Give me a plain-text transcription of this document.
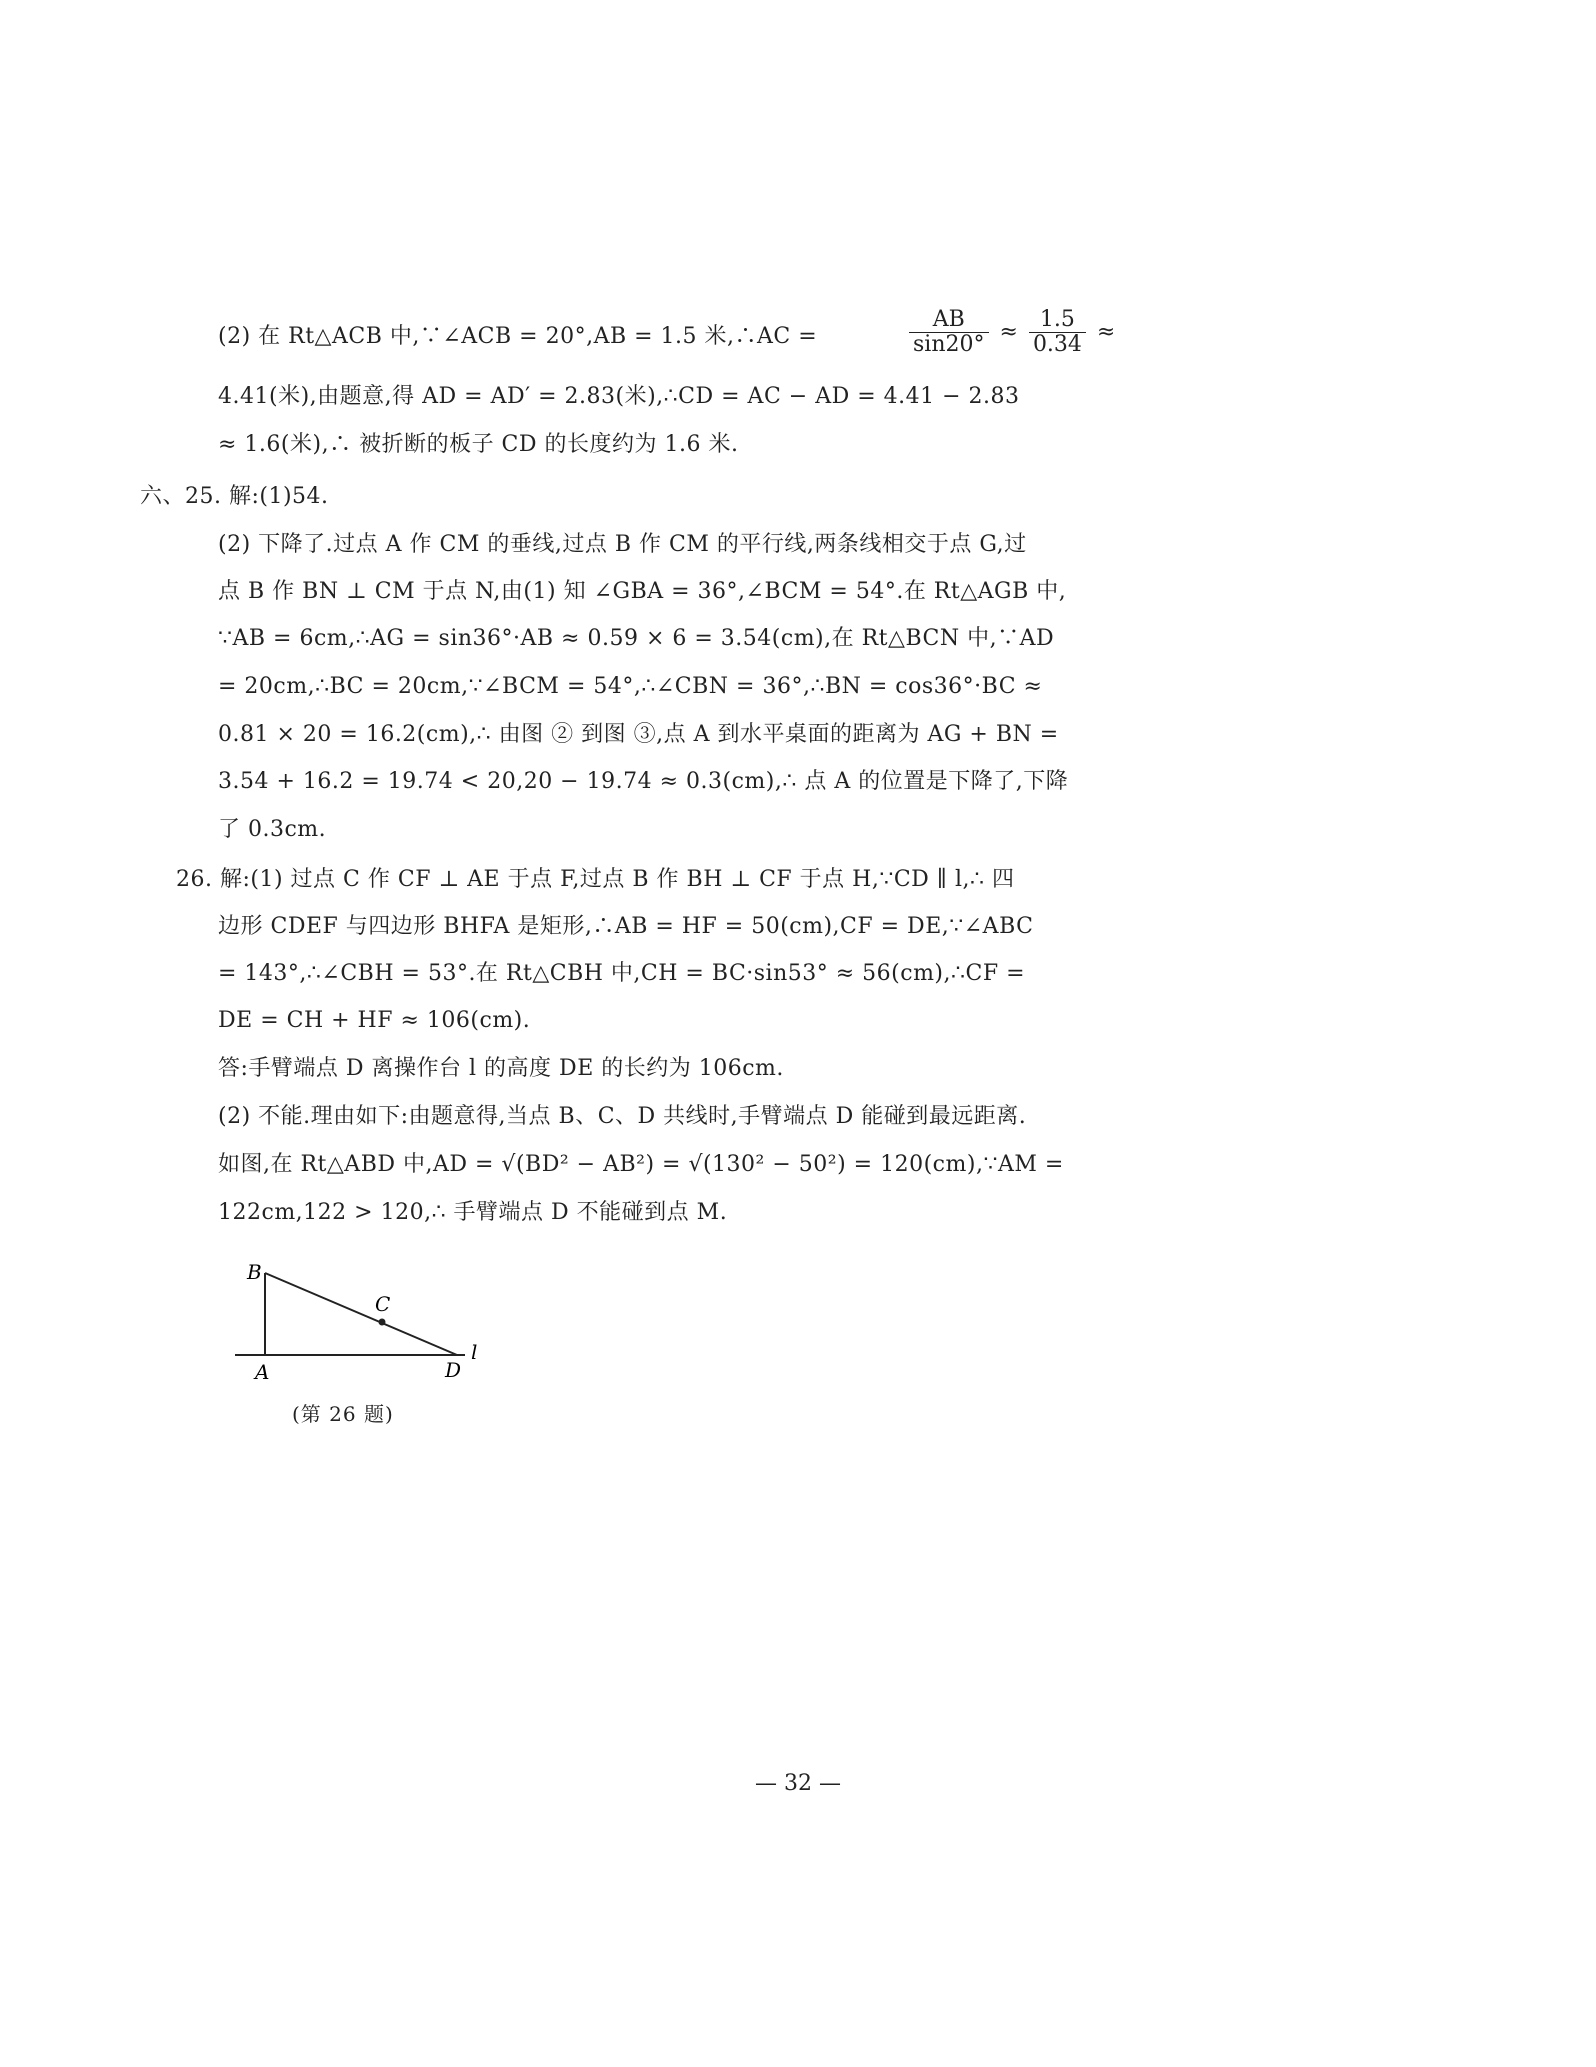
(2) 在 Rt△ACB 中,∵∠ACB = 20°,AB = 1.5 米,∴AC =	$\frac{AB}{\sin 20^\circ} \approx \frac{1.5}{0.34}$ ≈
4.41(米),由题意,得 AD = AD′ = 2.83(米),∴CD = AC − AD = 4.41 − 2.83
≈ 1.6(米),∴ 被折断的板子 CD 的长度约为 1.6 米.
六、25. 解:(1)54.
(2) 下降了.过点 A 作 CM 的垂线,过点 B 作 CM 的平行线,两条线相交于点 G,过
点 B 作 BN ⊥ CM 于点 N,由(1) 知 ∠GBA = 36°,∠BCM = 54°.在 Rt△AGB 中,
∵AB = 6cm,∴AG = sin36°·AB ≈ 0.59 × 6 = 3.54(cm),在 Rt△BCN 中,∵AD
= 20cm,∴BC = 20cm,∵∠BCM = 54°,∴∠CBN = 36°,∴BN = cos36°·BC ≈
0.81 × 20 = 16.2(cm),∴ 由图 ② 到图 ③,点 A 到水平桌面的距离为 AG + BN =
3.54 + 16.2 = 19.74 < 20,20 − 19.74 ≈ 0.3(cm),∴ 点 A 的位置是下降了,下降
了 0.3cm.
26. 解:(1) 过点 C 作 CF ⊥ AE 于点 F,过点 B 作 BH ⊥ CF 于点 H,∵CD ∥ l,∴ 四
边形 CDEF 与四边形 BHFA 是矩形,∴AB = HF = 50(cm),CF = DE,∵∠ABC
= 143°,∴∠CBH = 53°.在 Rt△CBH 中,CH = BC·sin53° ≈ 56(cm),∴CF =
DE = CH + HF ≈ 106(cm).
答:手臂端点 D 离操作台 l 的高度 DE 的长约为 106cm.
(2) 不能.理由如下:由题意得,当点 B、C、D 共线时,手臂端点 D 能碰到最远距离.
如图,在 Rt△ABD 中,AD = √(BD² − AB²) = √(130² − 50²) = 120(cm),∵AM =
122cm,122 > 120,∴ 手臂端点 D 不能碰到点 M.
B
C
A	D
l
(第 26 题)
— 32 —
